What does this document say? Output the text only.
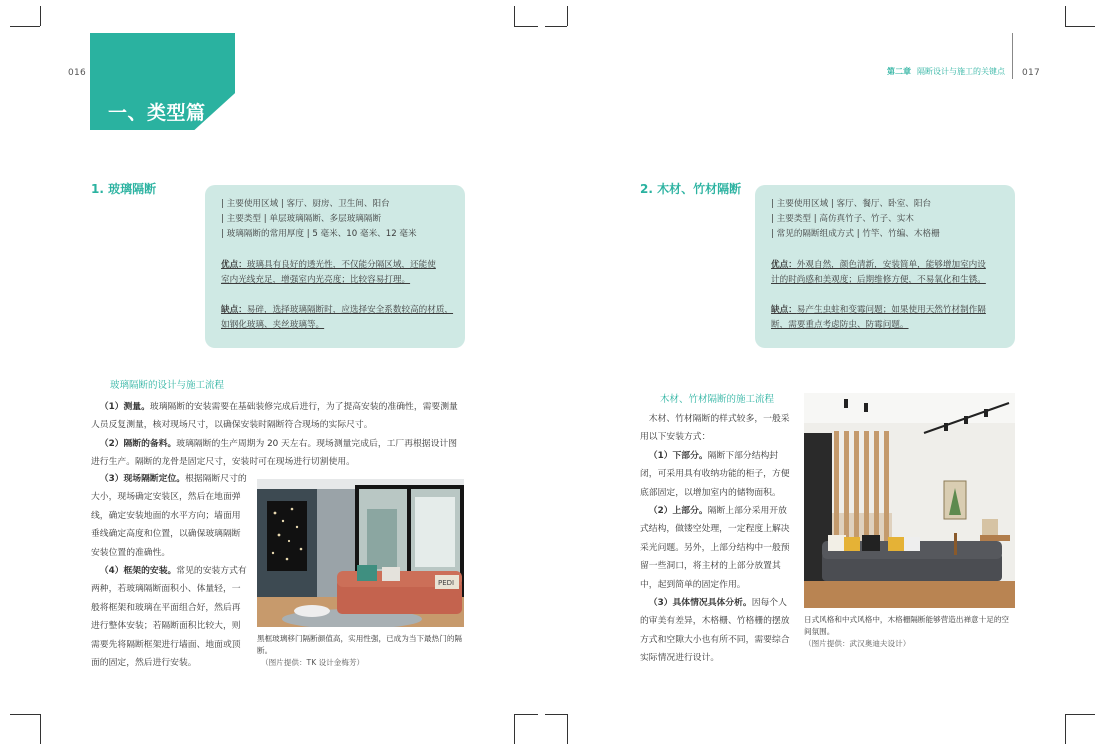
016
一、类型篇
1. 玻璃隔断
| 主要使用区域 | 客厅、厨房、卫生间、阳台
| 主要类型 | 单层玻璃隔断、多层玻璃隔断
| 玻璃隔断的常用厚度 | 5 毫米、10 毫米、12 毫米
优点：玻璃具有良好的透光性，不仅能分隔区域，还能使
室内光线充足，增强室内光亮度；比较容易打理。
缺点：易碎，选择玻璃隔断时，应选择安全系数较高的材质，
如钢化玻璃、夹丝玻璃等。
玻璃隔断的设计与施工流程

（1）测量。玻璃隔断的安装需要在基础装修完成后进行，为了提高安装的准确性，需要测量人员反复测量，核对现场尺寸，以确保安装时隔断符合现场的实际尺寸。

（2）隔断的备料。玻璃隔断的生产周期为 20 天左右。现场测量完成后，工厂再根据设计图进行生产。隔断的龙骨是固定尺寸，安装时可在现场进行切割使用。

（3）现场隔断定位。根据隔断尺寸的大小，现场确定安装区，然后在地面弹线，确定安装地面的水平方向；墙面用垂线确定高度和位置，以确保玻璃隔断安装位置的准确性。

（4）框架的安装。常见的安装方式有两种，若玻璃隔断面积小、体量轻，一般将框架和玻璃在平面组合好，然后再进行整体安装；若隔断面积比较大，则需要先将隔断框架进行墙面、地面或顶面的固定，然后进行安装。

PEDI
黑框玻璃移门隔断颜值高，实用性强，已成为当下最热门的隔断。
（图片提供：TK 设计金梅芳）
第二章 隔断设计与施工的关键点 017
2. 木材、竹材隔断
| 主要使用区域 | 客厅、餐厅、卧室、阳台
| 主要类型 | 高仿真竹子、竹子、实木
| 常见的隔断组成方式 | 竹竿、竹编、木格栅
优点：外观自然，颜色清新，安装简单，能够增加室内设
计的时尚感和美观度；后期维修方便，不易氧化和生锈。
缺点：易产生虫蛀和变霉问题；如果使用天然竹材制作隔
断，需要重点考虑防虫、防霉问题。
木材、竹材隔断的施工流程

木材、竹材隔断的样式较多，一般采用以下安装方式：

（1）下部分。隔断下部分结构封闭，可采用具有收纳功能的柜子，方便底部固定，以增加室内的储物面积。

（2）上部分。隔断上部分采用开放式结构，做镂空处理，一定程度上解决采光问题。另外，上部分结构中一般预留一些洞口，将主材的上部分放置其中，起到简单的固定作用。

（3）具体情况具体分析。因每个人的审美有差异，木格栅、竹格栅的摆放方式和空隙大小也有所不同，需要综合实际情况进行设计。

日式风格和中式风格中，木格栅隔断能够营造出禅意十足的空间氛围。
（图片提供：武汉奥迪夫设计）
